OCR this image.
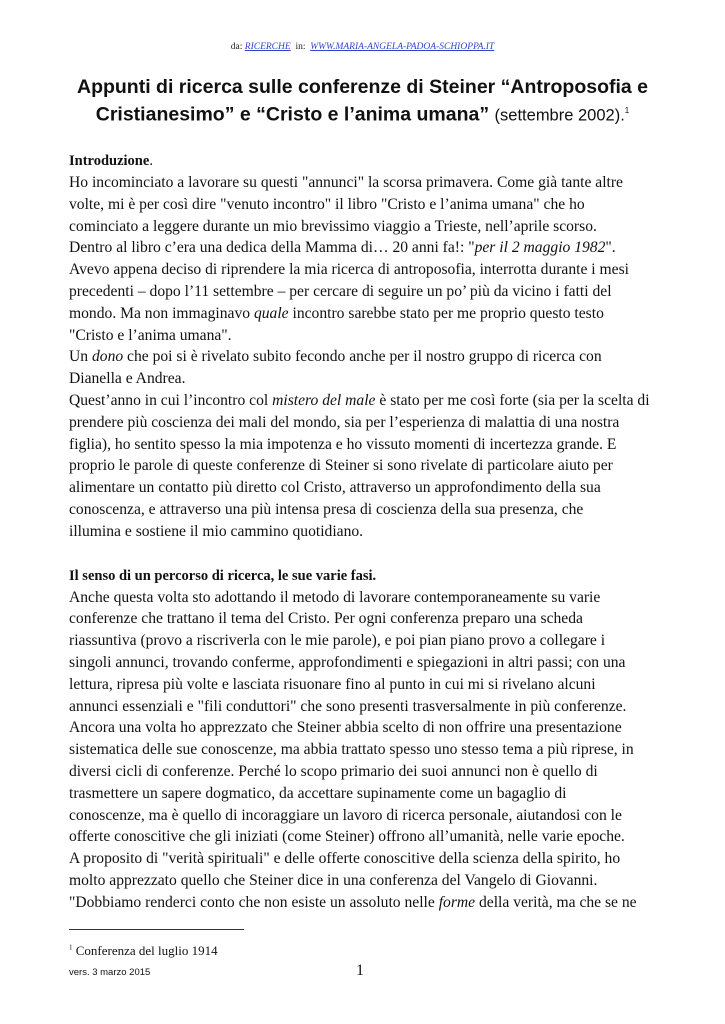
da: RICERCHE in: WWW.MARIA-ANGELA-PADOA-SCHIOPPA.IT
Appunti di ricerca sulle conferenze di Steiner “Antroposofia e
Cristianesimo” e “Cristo e l’anima umana” (settembre 2002).$^1$
Introduzione.
Ho incominciato a lavorare su questi "annunci" la scorsa primavera. Come già tante altre
volte, mi è per così dire "venuto incontro" il libro "Cristo e l’anima umana" che ho
cominciato a leggere durante un mio brevissimo viaggio a Trieste, nell’aprile scorso.
Dentro al libro c’era una dedica della Mamma di… 20 anni fa!: "per il 2 maggio 1982".
Avevo appena deciso di riprendere la mia ricerca di antroposofia, interrotta durante i mesi
precedenti – dopo l’11 settembre – per cercare di seguire un po’ più da vicino i fatti del
mondo. Ma non immaginavo quale incontro sarebbe stato per me proprio questo testo
"Cristo e l’anima umana".
Un dono che poi si è rivelato subito fecondo anche per il nostro gruppo di ricerca con
Dianella e Andrea.
Quest’anno in cui l’incontro col mistero del male è stato per me così forte (sia per la scelta di
prendere più coscienza dei mali del mondo, sia per l’esperienza di malattia di una nostra
figlia), ho sentito spesso la mia impotenza e ho vissuto momenti di incertezza grande. E
proprio le parole di queste conferenze di Steiner si sono rivelate di particolare aiuto per
alimentare un contatto più diretto col Cristo, attraverso un approfondimento della sua
conoscenza, e attraverso una più intensa presa di coscienza della sua presenza, che
illumina e sostiene il mio cammino quotidiano.
Il senso di un percorso di ricerca, le sue varie fasi.
Anche questa volta sto adottando il metodo di lavorare contemporaneamente su varie
conferenze che trattano il tema del Cristo. Per ogni conferenza preparo una scheda
riassuntiva (provo a riscriverla con le mie parole), e poi pian piano provo a collegare i
singoli annunci, trovando conferme, approfondimenti e spiegazioni in altri passi; con una
lettura, ripresa più volte e lasciata risuonare fino al punto in cui mi si rivelano alcuni
annunci essenziali e "fili conduttori" che sono presenti trasversalmente in più conferenze.
Ancora una volta ho apprezzato che Steiner abbia scelto di non offrire una presentazione
sistematica delle sue conoscenze, ma abbia trattato spesso uno stesso tema a più riprese, in
diversi cicli di conferenze. Perché lo scopo primario dei suoi annunci non è quello di
trasmettere un sapere dogmatico, da accettare supinamente come un bagaglio di
conoscenze, ma è quello di incoraggiare un lavoro di ricerca personale, aiutandosi con le
offerte conoscitive che gli iniziati (come Steiner) offrono all’umanità, nelle varie epoche.
A proposito di "verità spirituali" e delle offerte conoscitive della scienza della spirito, ho
molto apprezzato quello che Steiner dice in una conferenza del Vangelo di Giovanni.
"Dobbiamo renderci conto che non esiste un assoluto nelle forme della verità, ma che se ne
$^1$ Conferenza del luglio 1914
vers. 3 marzo 2015	1
